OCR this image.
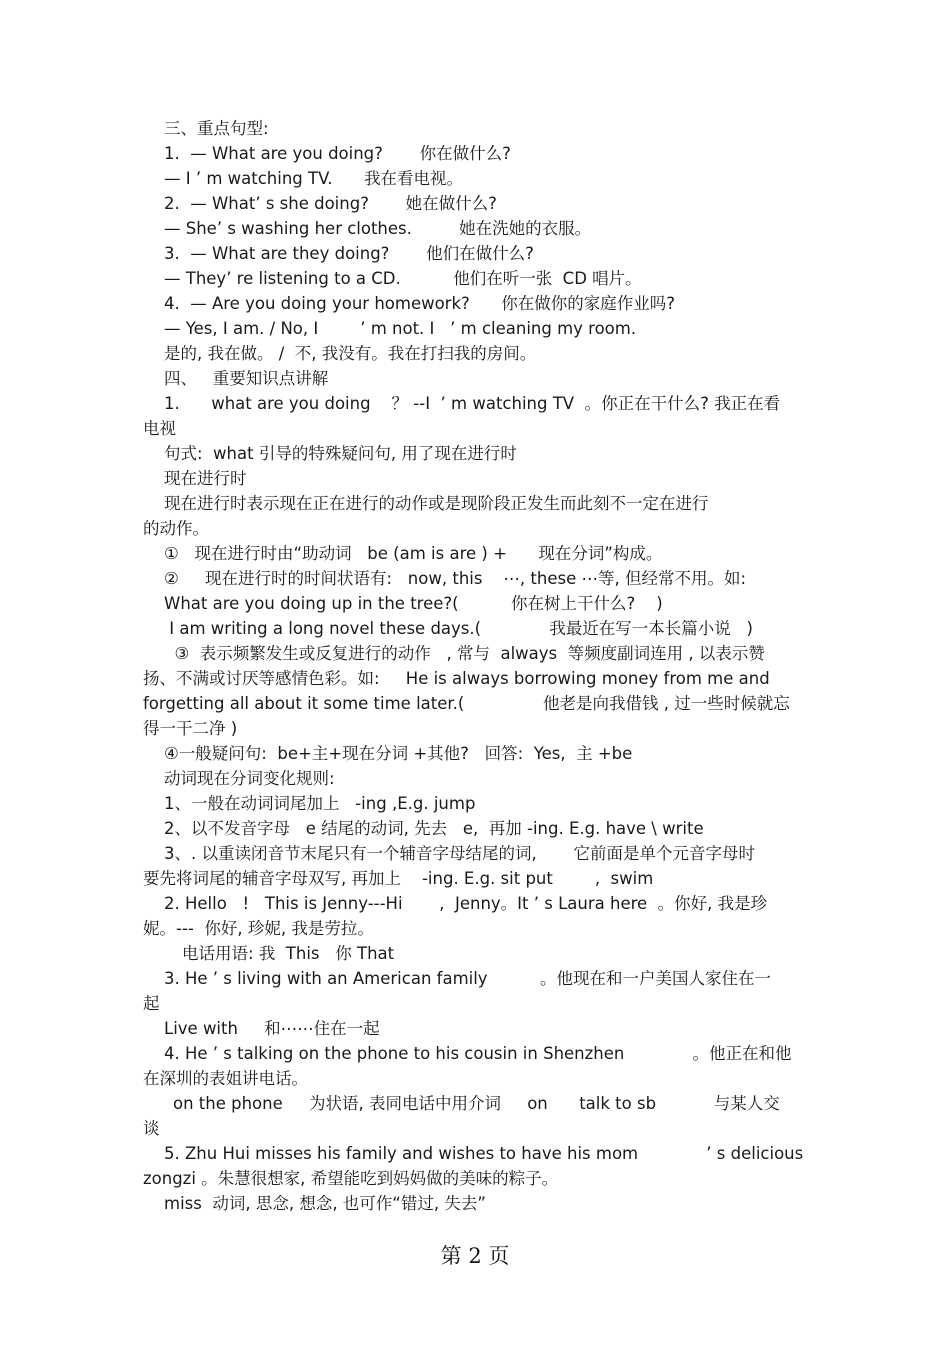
三、重点句型:
1.  — What are you doing?       你在做什么?
— I ’ m watching TV.      我在看电视。
2.  — What’ s she doing?       她在做什么?
— She’ s washing her clothes.         她在洗她的衣服。
3.  — What are they doing?       他们在做什么?
— They’ re listening to a CD.          他们在听一张  CD 唱片。
4.  — Are you doing your homework?      你在做你的家庭作业吗?
— Yes, I am. / No, I        ’ m not. I   ’ m cleaning my room.
是的, 我在做。 /  不, 我没有。我在打扫我的房间。
四、   重要知识点讲解
1.      what are you doing    ？ --I  ’ m watching TV  。你正在干什么? 我正在看
电视
句式:  what 引导的特殊疑问句, 用了现在进行时
现在进行时
现在进行时表示现在正在进行的动作或是现阶段正发生而此刻不一定在进行
的动作。
①   现在进行时由“助动词   be (am is are ) +      现在分词”构成。
②     现在进行时的时间状语有:   now, this    ⋯, these ⋯等, 但经常不用。如:
What are you doing up in the tree?(          你在树上干什么?    )
I am writing a long novel these days.(             我最近在写一本长篇小说   )
③  表示频繁发生或反复进行的动作   , 常与  always  等频度副词连用 , 以表示赞
扬、不满或讨厌等感情色彩。如:     He is always borrowing money from me and
forgetting all about it some time later.(               他老是向我借钱 , 过一些时候就忘
得一干二净 )
④一般疑问句:  be+主+现在分词 +其他?   回答:  Yes,  主 +be
动词现在分词变化规则:
1、一般在动词词尾加上   -ing ,E.g. jump
2、以不发音字母   e 结尾的动词, 先去   e,  再加 -ing. E.g. have \ write
3、. 以重读闭音节末尾只有一个辅音字母结尾的词,       它前面是单个元音字母时
要先将词尾的辅音字母双写, 再加上    -ing. E.g. sit put        ,  swim
2. Hello   !   This is Jenny---Hi       ,  Jenny。It ’ s Laura here  。你好, 我是珍
妮。---  你好, 珍妮, 我是劳拉。
电话用语: 我  This   你 That
3. He ’ s living with an American family          。他现在和一户美国人家住在一
起
Live with     和⋯⋯住在一起
4. He ’ s talking on the phone to his cousin in Shenzhen             。他正在和他
在深圳的表姐讲电话。
on the phone     为状语, 表同电话中用介词     on      talk to sb           与某人交
谈
5. Zhu Hui misses his family and wishes to have his mom             ’ s delicious
zongzi 。朱慧很想家, 希望能吃到妈妈做的美味的粽子。
miss  动词, 思念, 想念, 也可作“错过, 失去”
第 2 页
